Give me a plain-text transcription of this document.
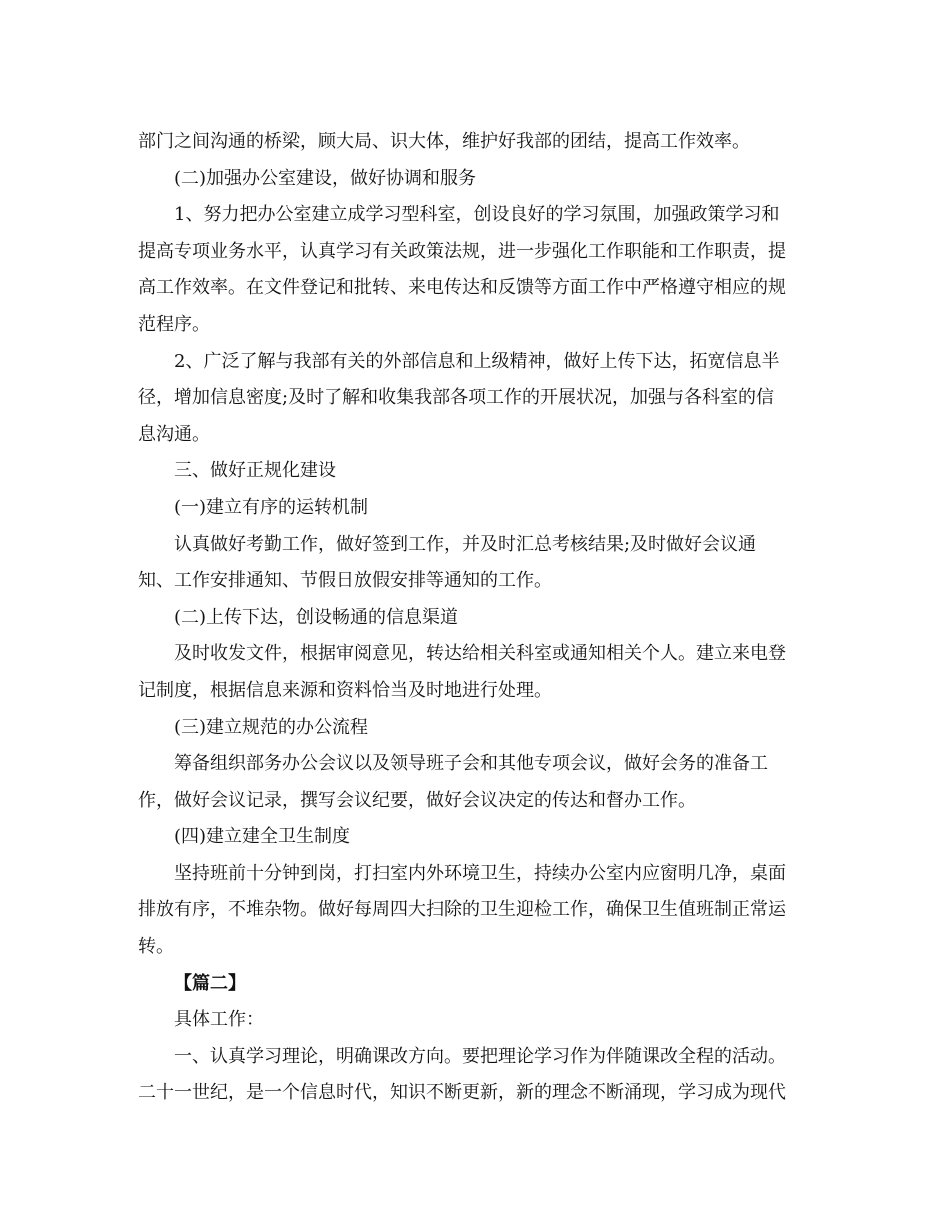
部门之间沟通的桥梁，顾大局、识大体，维护好我部的团结，提高工作效率。

(二)加强办公室建设，做好协调和服务

1、努力把办公室建立成学习型科室，创设良好的学习氛围，加强政策学习和
提高专项业务水平，认真学习有关政策法规，进一步强化工作职能和工作职责，提
高工作效率。在文件登记和批转、来电传达和反馈等方面工作中严格遵守相应的规
范程序。

2、广泛了解与我部有关的外部信息和上级精神，做好上传下达，拓宽信息半
径，增加信息密度;及时了解和收集我部各项工作的开展状况，加强与各科室的信
息沟通。

三、做好正规化建设

(一)建立有序的运转机制

认真做好考勤工作，做好签到工作，并及时汇总考核结果;及时做好会议通
知、工作安排通知、节假日放假安排等通知的工作。

(二)上传下达，创设畅通的信息渠道

及时收发文件，根据审阅意见，转达给相关科室或通知相关个人。建立来电登
记制度，根据信息来源和资料恰当及时地进行处理。

(三)建立规范的办公流程

筹备组织部务办公会议以及领导班子会和其他专项会议，做好会务的准备工
作，做好会议记录，撰写会议纪要，做好会议决定的传达和督办工作。

(四)建立建全卫生制度

坚持班前十分钟到岗，打扫室内外环境卫生，持续办公室内应窗明几净，桌面
排放有序，不堆杂物。做好每周四大扫除的卫生迎检工作，确保卫生值班制正常运
转。

【篇二】

具体工作：

一、认真学习理论，明确课改方向。要把理论学习作为伴随课改全程的活动。
二十一世纪，是一个信息时代，知识不断更新，新的理念不断涌现，学习成为现代
